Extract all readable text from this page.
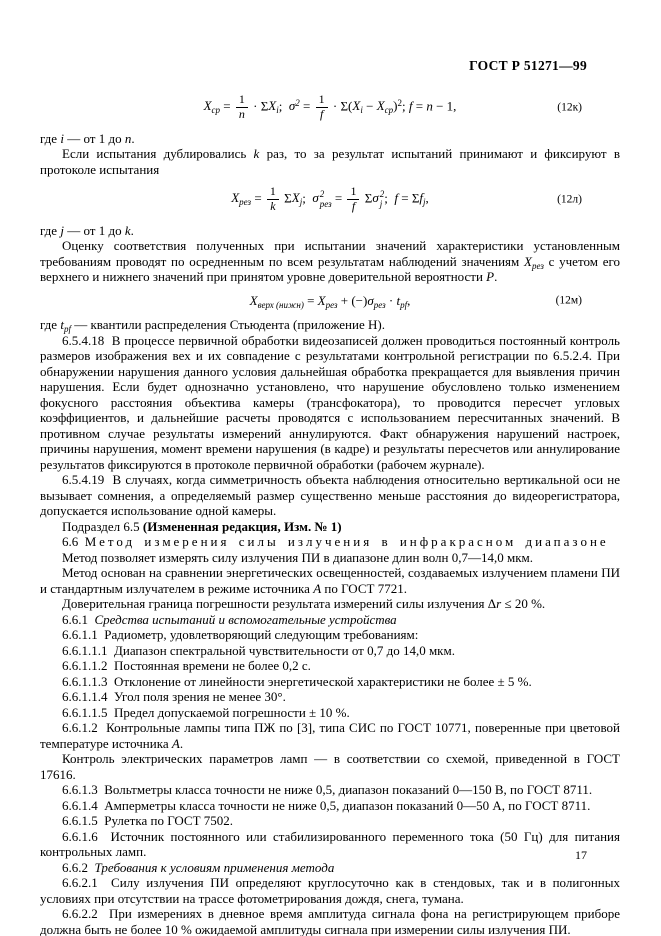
ГОСТ Р 51271—99
$X_{ср} = \frac{1}{n} \cdot \Sigma X_i$;  $\sigma^2 = \frac{1}{f} \cdot \Sigma(X_i - X_{ср})^2$; f = n − 1,	(12к)
где i — от 1 до n.
Если испытания дублировались k раз, то за результат испытаний принимают и фиксируют в протоколе испытания
$X_{рез} = \frac{1}{k} \Sigma X_j$;  σ 2
рез = $\frac{1}{f}$ Σσ 2
j ;  $f = \Sigma f_j$,	(12л)
где j — от 1 до k.
Оценку соответствия полученных при испытании значений характеристики установленным требованиям проводят по осредненным по всем результатам наблюдений значениям $X_{рез}$ с учетом его верхнего и нижнего значений при принятом уровне доверительной вероятности P.
$X_{верх (нижн)} = X_{рез} + (-)\sigma_{рез} \cdot t_{pf}$,	(12м)
где $t_{pf}$ — квантили распределения Стьюдента (приложение Н).
6.5.4.18  В процессе первичной обработки видеозаписей должен проводиться постоянный контроль размеров изображения вех и их совпадение с результатами контрольной регистрации по 6.5.2.4. При обнаружении нарушения данного условия дальнейшая обработка прекращается для выявления причин нарушения. Если будет однозначно установлено, что нарушение обусловлено только изменением фокусного расстояния объектива камеры (трансфокатора), то проводится пересчет угловых коэффициентов, и дальнейшие расчеты проводятся с использованием пересчитанных значений. В противном случае результаты измерений аннулируются. Факт обнаружения нарушений настроек, причины нарушения, момент времени нарушения (в кадре) и результаты пересчетов или аннулирование результатов фиксируются в протоколе первичной обработки (рабочем журнале).
6.5.4.19  В случаях, когда симметричность объекта наблюдения относительно вертикальной оси не вызывает сомнения, а определяемый размер существенно меньше расстояния до видеорегистратора, допускается использование одной камеры.
Подраздел 6.5 (Измененная редакция, Изм. № 1)
6.6  Метод измерения силы излучения в инфракрасном диапазоне
Метод позволяет измерять силу излучения ПИ в диапазоне длин волн 0,7—14,0 мкм.
Метод основан на сравнении энергетических освещенностей, создаваемых излучением пламени ПИ и стандартным излучателем в режиме источника А по ГОСТ 7721.
Доверительная граница погрешности результата измерений силы излучения Δr ≤ 20 %.
6.6.1  Средства испытаний и вспомогательные устройства
6.6.1.1  Радиометр, удовлетворяющий следующим требованиям:
6.6.1.1.1  Диапазон спектральной чувствительности от 0,7 до 14,0 мкм.
6.6.1.1.2  Постоянная времени не более 0,2 с.
6.6.1.1.3  Отклонение от линейности энергетической характеристики не более ± 5 %.
6.6.1.1.4  Угол поля зрения не менее 30°.
6.6.1.1.5  Предел допускаемой погрешности ± 10 %.
6.6.1.2  Контрольные лампы типа ПЖ по [3], типа СИС по ГОСТ 10771, поверенные при цветовой температуре источника А.
Контроль электрических параметров ламп — в соответствии со схемой, приведенной в ГОСТ 17616.
6.6.1.3  Вольтметры класса точности не ниже 0,5, диапазон показаний 0—150 В, по ГОСТ 8711.
6.6.1.4  Амперметры класса точности не ниже 0,5, диапазон показаний 0—50 А, по ГОСТ 8711.
6.6.1.5  Рулетка по ГОСТ 7502.
6.6.1.6  Источник постоянного или стабилизированного переменного тока (50 Гц) для питания контрольных ламп.
6.6.2  Требования к условиям применения метода
6.6.2.1  Силу излучения ПИ определяют круглосуточно как в стендовых, так и в полигонных условиях при отсутствии на трассе фотометрирования дождя, снега, тумана.
6.6.2.2  При измерениях в дневное время амплитуда сигнала фона на регистрирующем приборе должна быть не более 10 % ожидаемой амплитуды сигнала при измерении силы излучения ПИ.
17
